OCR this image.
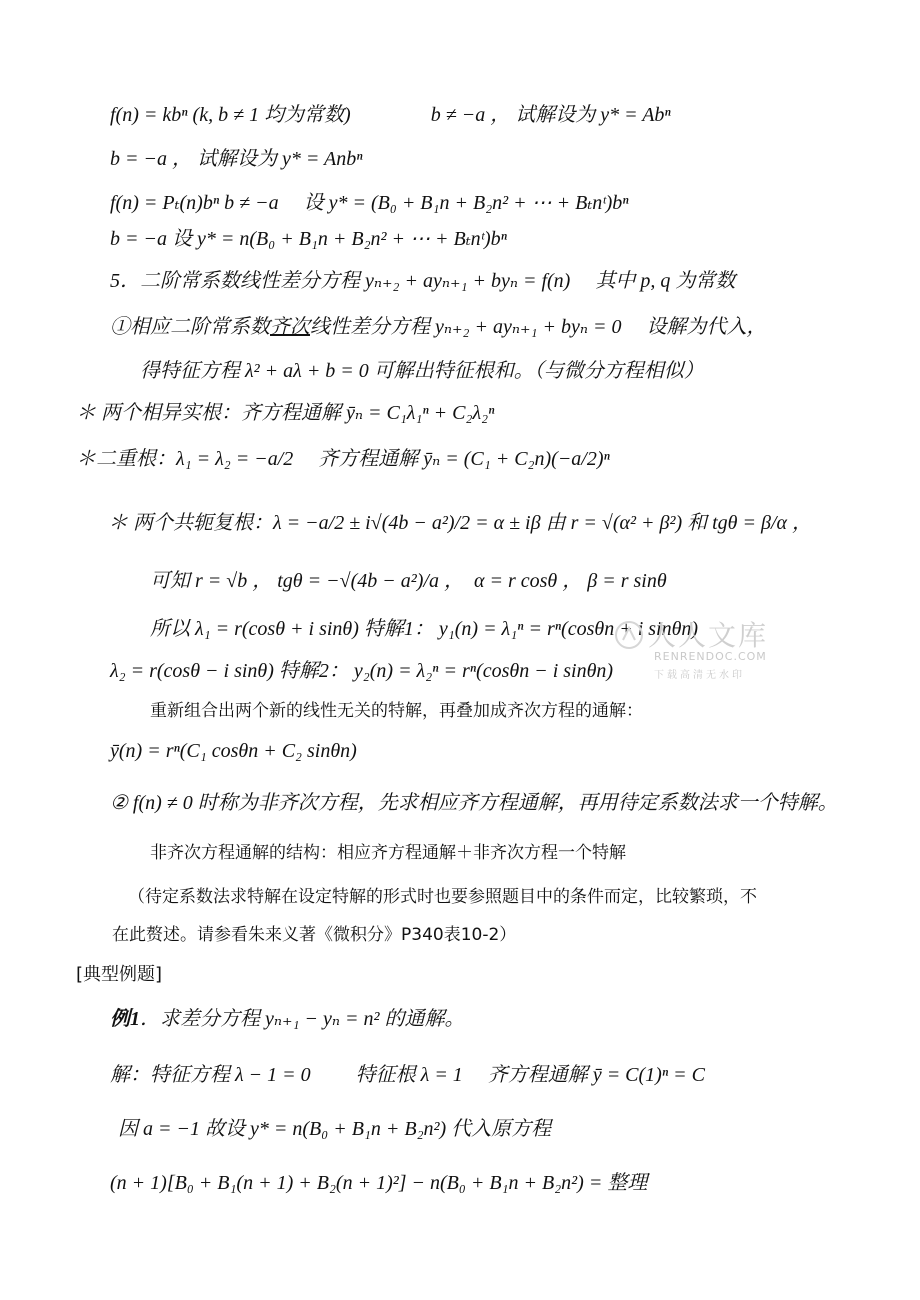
f(n) = kbⁿ (k, b ≠ 1 均为常数)　　　　b ≠ −a ， 试解设为 y* = Abⁿ
b = −a ， 试解设为 y* = Anbⁿ
f(n) = Pₜ(n)bⁿ b ≠ −a　 设 y* = (B₀ + B₁n + B₂n² + ⋯ + Bₜnᵗ)bⁿ
b = −a 设 y* = n(B₀ + B₁n + B₂n² + ⋯ + Bₜnᵗ)bⁿ
5．二阶常系数线性差分方程 yₙ₊₂ + ayₙ₊₁ + byₙ = f(n)　 其中 p, q 为常数
①相应二阶常系数齐次线性差分方程 yₙ₊₂ + ayₙ₊₁ + byₙ = 0　 设解为代入，
得特征方程 λ² + aλ + b = 0 可解出特征根和。（与微分方程相似）
＊ 两个相异实根：齐方程通解 ȳₙ = C₁λ₁ⁿ + C₂λ₂ⁿ
＊二重根：λ₁ = λ₂ = −a/2　 齐方程通解 ȳₙ = (C₁ + C₂n)(−a/2)ⁿ
＊ 两个共轭复根：λ = −a/2 ± i√(4b − a²)/2 = α ± iβ 由 r = √(α² + β²) 和 tgθ = β/α ，
可知 r = √b ， tgθ = −√(4b − a²)/a ，　α = r cosθ ， β = r sinθ
所以 λ₁ = r(cosθ + i sinθ) 特解1： y₁(n) = λ₁ⁿ = rⁿ(cosθn + i sinθn)
λ₂ = r(cosθ − i sinθ) 特解2： y₂(n) = λ₂ⁿ = rⁿ(cosθn − i sinθn)
重新组合出两个新的线性无关的特解，再叠加成齐次方程的通解：
ȳ(n) = rⁿ(C₁ cosθn + C₂ sinθn)
② f(n) ≠ 0 时称为非齐次方程，先求相应齐方程通解，再用待定系数法求一个特解。
非齐次方程通解的结构：相应齐方程通解＋非齐次方程一个特解
（待定系数法求特解在设定特解的形式时也要参照题目中的条件而定，比较繁琐，不
在此赘述。请参看朱来义著《微积分》P340表10-2）
[典型例题]
例1．求差分方程 yₙ₊₁ − yₙ = n² 的通解。
解：特征方程 λ − 1 = 0　　 特征根 λ = 1　 齐方程通解 ȳ = C(1)ⁿ = C
因 a = −1 故设 y* = n(B₀ + B₁n + B₂n²) 代入原方程
(n + 1)[B₀ + B₁(n + 1) + B₂(n + 1)²] − n(B₀ + B₁n + B₂n²) = 整理
人人文库
RENRENDOC.COM
下载高清无水印
